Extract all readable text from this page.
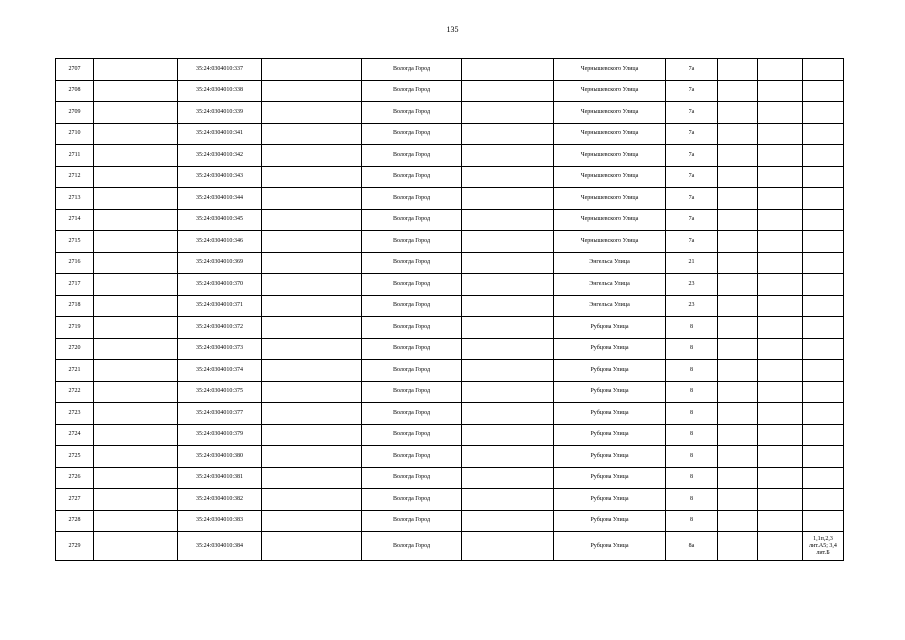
135
2707		35:24:0304010:337		Вологда Город		Чернышевского Улица	7а			
2708		35:24:0304010:338		Вологда Город		Чернышевского Улица	7а			
2709		35:24:0304010:339		Вологда Город		Чернышевского Улица	7а			
2710		35:24:0304010:341		Вологда Город		Чернышевского Улица	7а			
2711		35:24:0304010:342		Вологда Город		Чернышевского Улица	7а			
2712		35:24:0304010:343		Вологда Город		Чернышевского Улица	7а			
2713		35:24:0304010:344		Вологда Город		Чернышевского Улица	7а			
2714		35:24:0304010:345		Вологда Город		Чернышевского Улица	7а			
2715		35:24:0304010:346		Вологда Город		Чернышевского Улица	7а			
2716		35:24:0304010:369		Вологда Город		Энгельса Улица	21			
2717		35:24:0304010:370		Вологда Город		Энгельса Улица	23			
2718		35:24:0304010:371		Вологда Город		Энгельса Улица	23			
2719		35:24:0304010:372		Вологда Город		Рубцова Улица	8			
2720		35:24:0304010:373		Вологда Город		Рубцова Улица	8			
2721		35:24:0304010:374		Вологда Город		Рубцова Улица	8			
2722		35:24:0304010:375		Вологда Город		Рубцова Улица	8			
2723		35:24:0304010:377		Вологда Город		Рубцова Улица	8			
2724		35:24:0304010:379		Вологда Город		Рубцова Улица	8			
2725		35:24:0304010:380		Вологда Город		Рубцова Улица	8			
2726		35:24:0304010:381		Вологда Город		Рубцова Улица	8			
2727		35:24:0304010:382		Вологда Город		Рубцова Улица	8			
2728		35:24:0304010:383		Вологда Город		Рубцова Улица	8			
2729		35:24:0304010:384		Вологда Город		Рубцова Улица	8а			1,1п,2,3 лит.А5; 3,4 лит.Б
